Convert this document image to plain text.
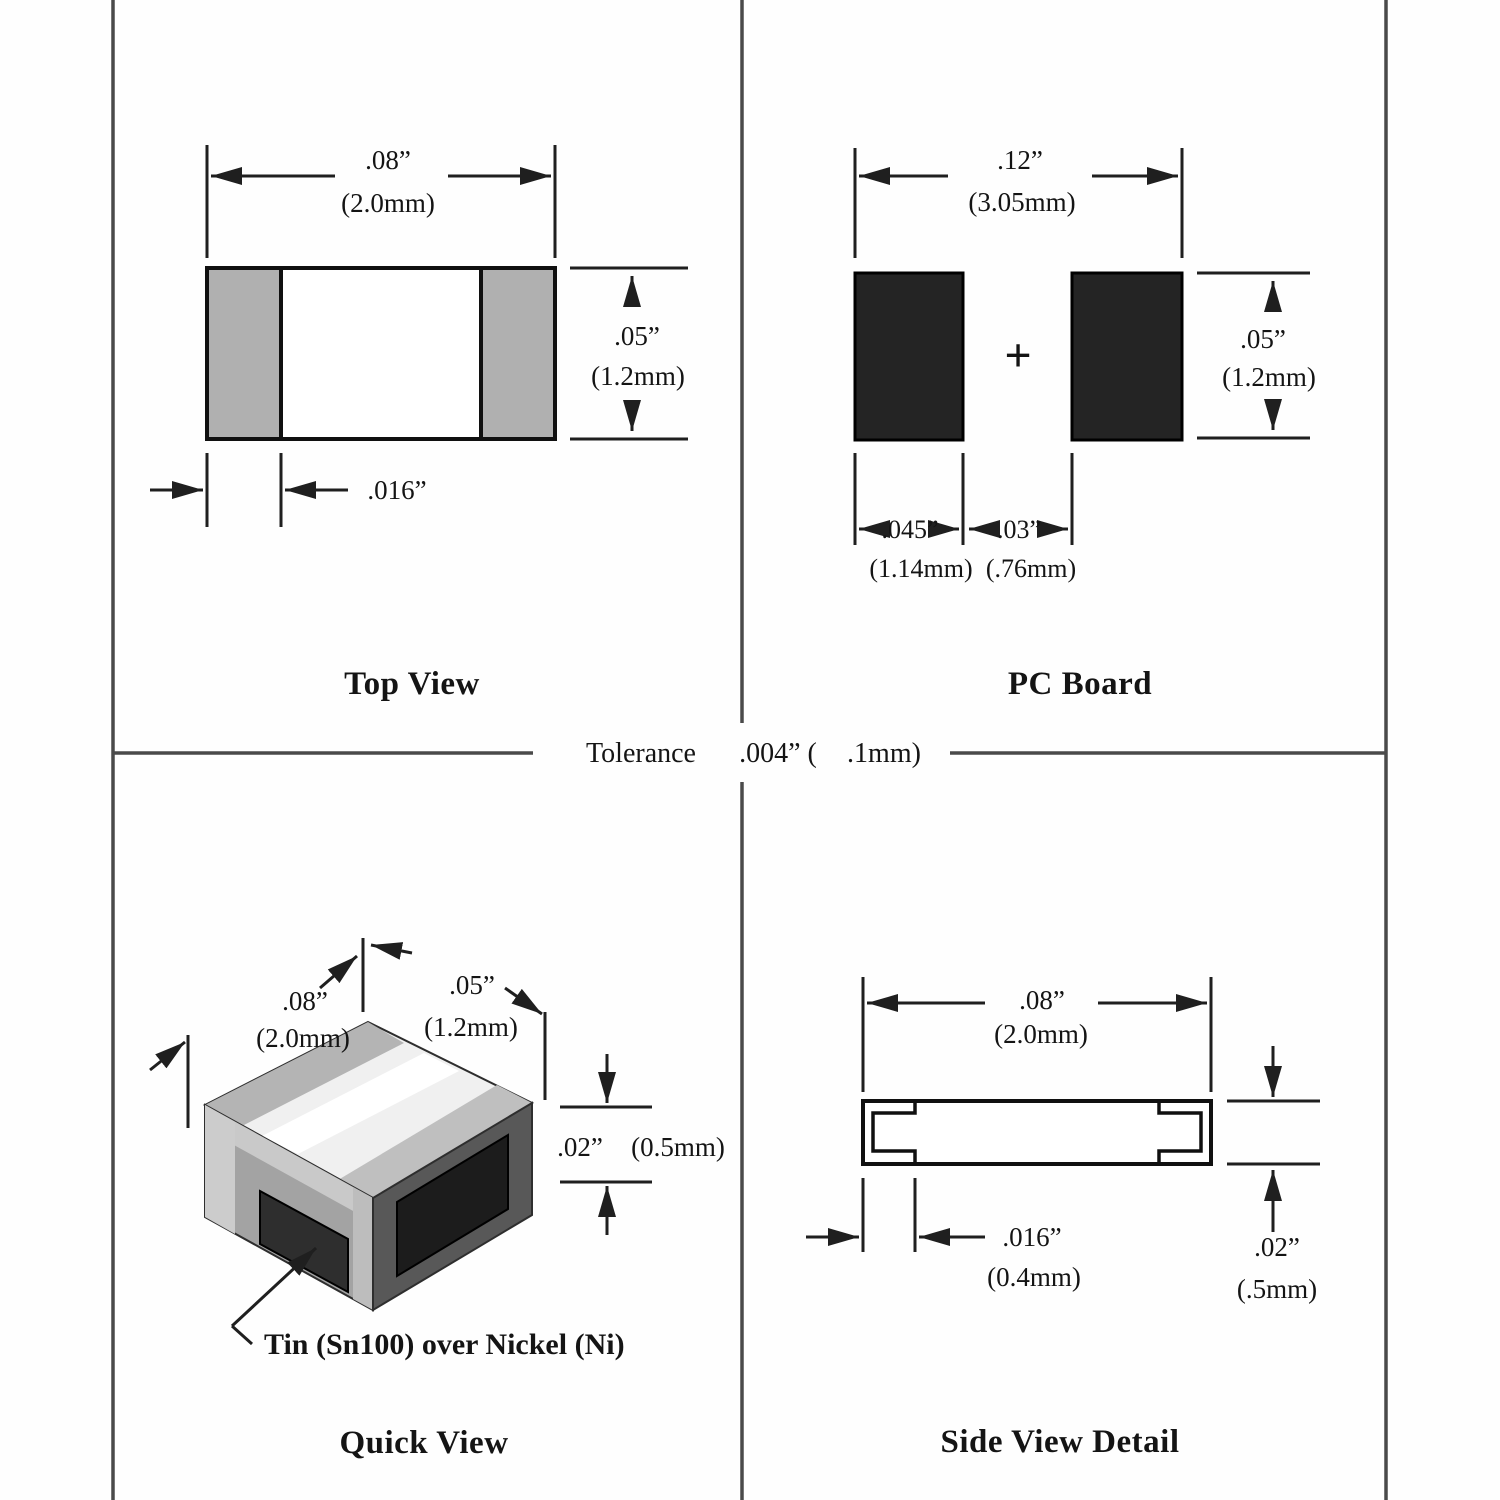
Tolerance .004” ( .1mm)
.08”
(2.0mm)
.05”
(1.2mm)
.016”
Top View
.12”
(3.05mm)
+	.05”
(1.2mm)
.045” .03”
(1.14mm) (.76mm)
PC Board
.08”
(2.0mm)
.05”
(1.2mm)
.02” (0.5mm)
Tin (Sn100) over Nickel (Ni)
Quick View
.08”
(2.0mm)
.016”
(0.4mm)
.02”
(.5mm)
Side View Detail
